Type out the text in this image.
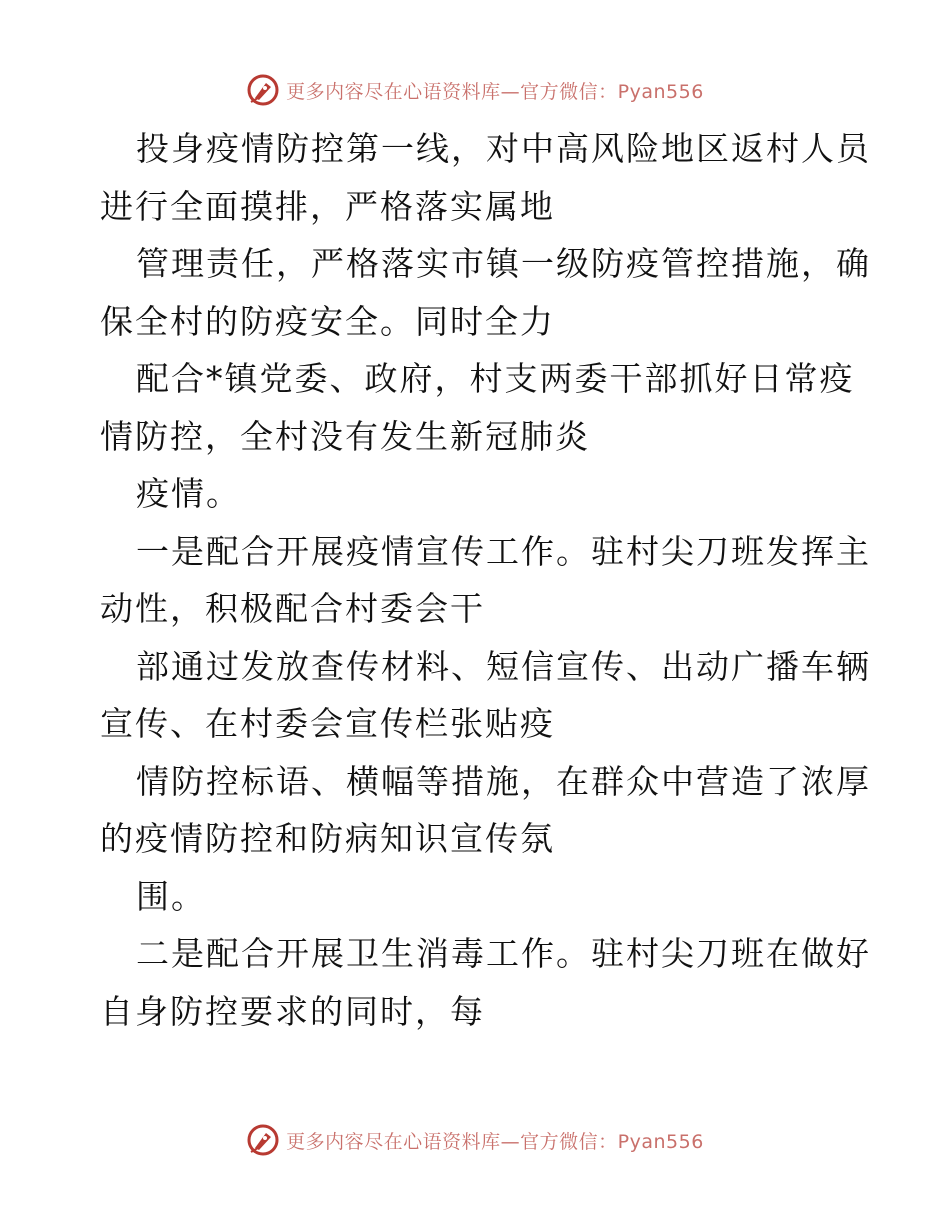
更多内容尽在心语资料库—官方微信：Pyan556
投身疫情防控第一线，对中高风险地区返村人员
进行全面摸排，严格落实属地
管理责任，严格落实市镇一级防疫管控措施，确
保全村的防疫安全。同时全力
配合*镇党委、政府，村支两委干部抓好日常疫
情防控，全村没有发生新冠肺炎
疫情。
一是配合开展疫情宣传工作。驻村尖刀班发挥主
动性，积极配合村委会干
部通过发放查传材料、短信宣传、出动广播车辆
宣传、在村委会宣传栏张贴疫
情防控标语、横幅等措施，在群众中营造了浓厚
的疫情防控和防病知识宣传氛
围。
二是配合开展卫生消毒工作。驻村尖刀班在做好
自身防控要求的同时，每
更多内容尽在心语资料库—官方微信：Pyan556
